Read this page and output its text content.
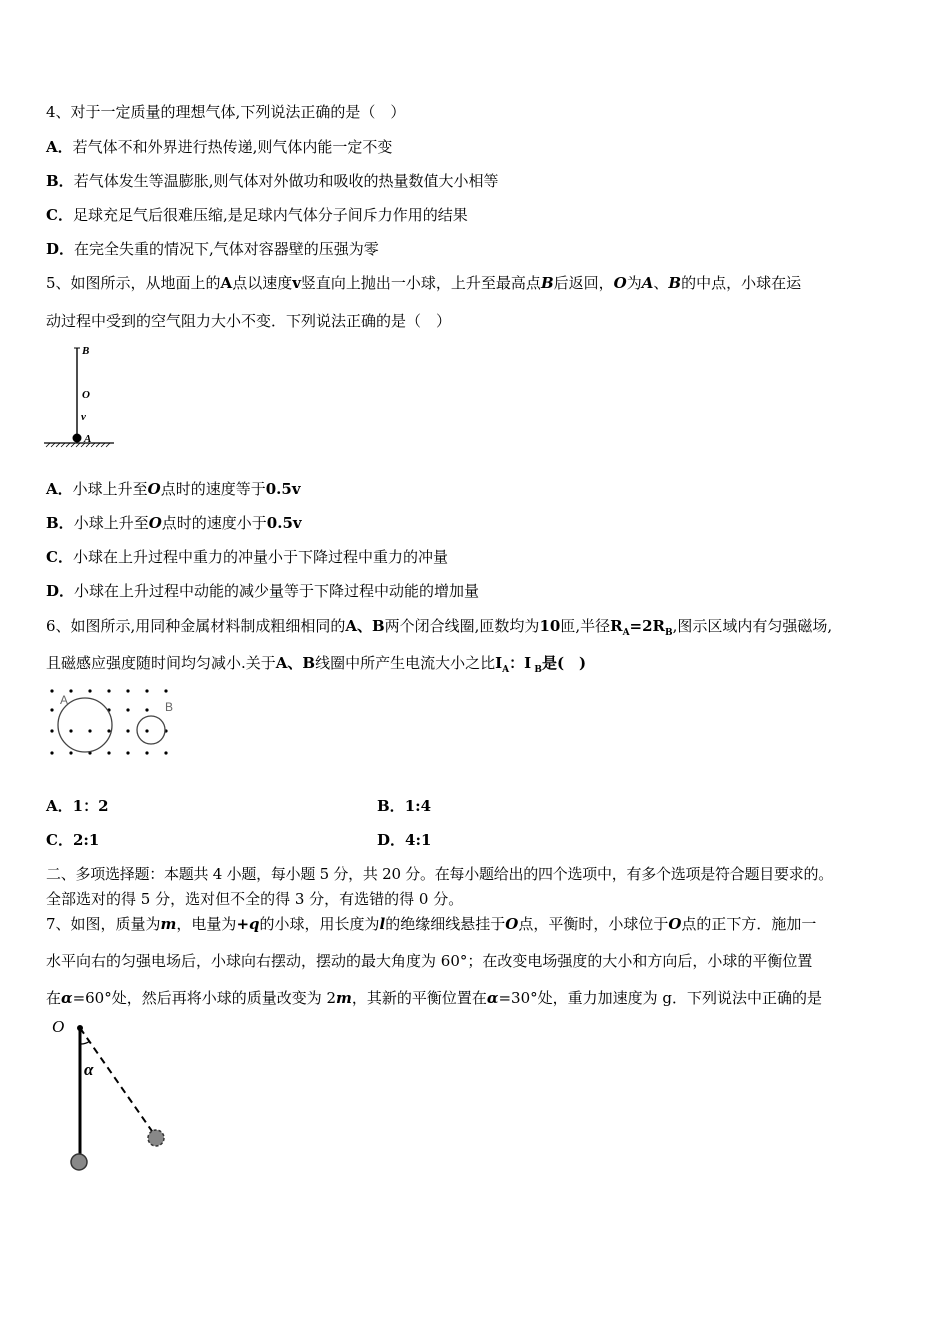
4、对于一定质量的理想气体,下列说法正确的是（　）
A．若气体不和外界进行热传递,则气体内能一定不变
B．若气体发生等温膨胀,则气体对外做功和吸收的热量数值大小相等
C．足球充足气后很难压缩,是足球内气体分子间斥力作用的结果
D．在完全失重的情况下,气体对容器壁的压强为零
5、如图所示，从地面上的A点以速度v竖直向上抛出一小球，上升至最高点B后返回，O为A、B的中点，小球在运
动过程中受到的空气阻力大小不变．下列说法正确的是（　）
B
O
v
A
A．小球上升至O点时的速度等于0.5v
B．小球上升至O点时的速度小于0.5v
C．小球在上升过程中重力的冲量小于下降过程中重力的冲量
D．小球在上升过程中动能的减少量等于下降过程中动能的增加量
6、如图所示,用同种金属材料制成粗细相同的A、B两个闭合线圈,匝数均为10匝,半径$R_A=2R_B$,图示区域内有匀强磁场,
且磁感应强度随时间均匀减小.关于A、B线圈中所产生电流大小之比$I_A$：I $_B$是(　)
A	B
A．1：2	B．1:4
C．2:1	D．4:1
二、多项选择题：本题共 4 小题，每小题 5 分，共 20 分。在每小题给出的四个选项中，有多个选项是符合题目要求的。
全部选对的得 5 分，选对但不全的得 3 分，有选错的得 0 分。
7、如图，质量为m，电量为+q的小球，用长度为l的绝缘细线悬挂于O点，平衡时，小球位于O点的正下方．施加一
水平向右的匀强电场后，小球向右摆动，摆动的最大角度为 60°；在改变电场强度的大小和方向后，小球的平衡位置
在α=60°处，然后再将小球的质量改变为 2m，其新的平衡位置在α=30°处，重力加速度为 g．下列说法中正确的是
O
α
